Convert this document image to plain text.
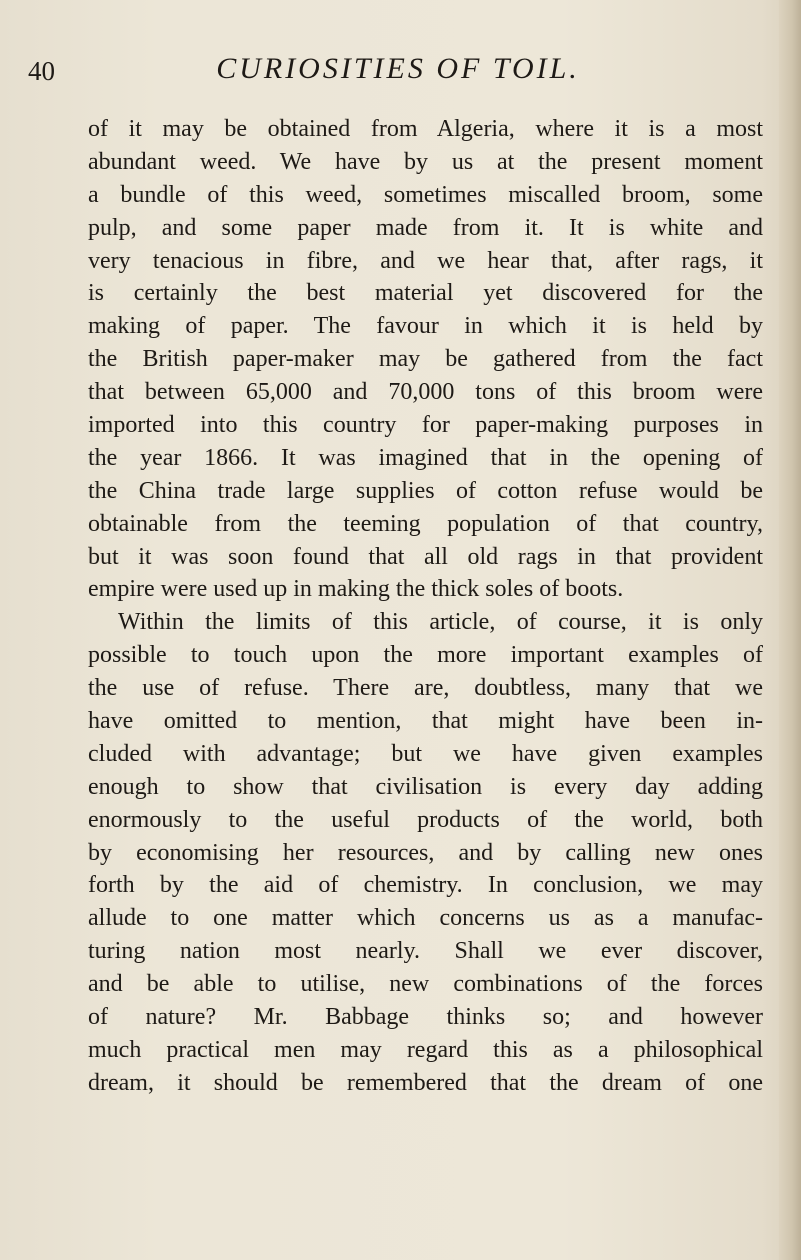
40	CURIOSITIES OF TOIL.
of it may be obtained from Algeria, where it is a most
abundant weed. We have by us at the present moment
a bundle of this weed, sometimes miscalled broom, some
pulp, and some paper made from it. It is white and
very tenacious in fibre, and we hear that, after rags, it
is certainly the best material yet discovered for the
making of paper. The favour in which it is held by
the British paper-maker may be gathered from the fact
that between 65,000 and 70,000 tons of this broom were
imported into this country for paper-making purposes in
the year 1866. It was imagined that in the opening of
the China trade large supplies of cotton refuse would be
obtainable from the teeming population of that country,
but it was soon found that all old rags in that provident
empire were used up in making the thick soles of boots.
Within the limits of this article, of course, it is only
possible to touch upon the more important examples of
the use of refuse. There are, doubtless, many that we
have omitted to mention, that might have been in-
cluded with advantage; but we have given examples
enough to show that civilisation is every day adding
enormously to the useful products of the world, both
by economising her resources, and by calling new ones
forth by the aid of chemistry. In conclusion, we may
allude to one matter which concerns us as a manufac-
turing nation most nearly. Shall we ever discover,
and be able to utilise, new combinations of the forces
of nature? Mr. Babbage thinks so; and however
much practical men may regard this as a philosophical
dream, it should be remembered that the dream of one
